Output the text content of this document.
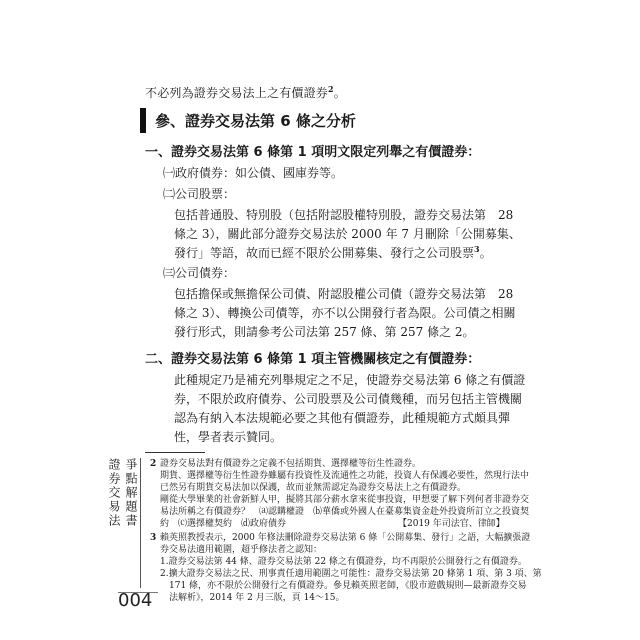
不必列為證券交易法上之有價證券$^2$。
參、證券交易法第 6 條之分析
一、證券交易法第 6 條第 1 項明文限定列舉之有價證券：
㈠政府債券：如公債、國庫券等。
㈡公司股票：
包括普通股、特別股（包括附認股權特別股，證券交易法第　28
條之 3），關此部分證券交易法於 2000 年 7 月刪除「公開募集、
發行」等語，故而已經不限於公開募集、發行之公司股票$^3$。
㈢公司債券：
包括擔保或無擔保公司債、附認股權公司債（證券交易法第　28
條之 3）、轉換公司債等，亦不以公開發行者為限。公司債之相關
發行形式，則請參考公司法第 257 條、第 257 條之 2。
二、證券交易法第 6 條第 1 項主管機關核定之有價證券：
此種規定乃是補充列舉規定之不足，使證券交易法第 6 條之有價證
券，不限於政府債券、公司股票及公司債幾種，而另包括主管機關
認為有納入本法規範必要之其他有價證券，此種規範方式頗具彈
性，學者表示贊同。
2 證券交易法對有價證券之定義不包括期貨、選擇權等衍生性證券。
期貨、選擇權等衍生性證券雖屬有投資性及流通性之功能，投資人有保護必要性，然現行法中
已然另有期貨交易法加以保護，故而並無需認定為證券交易法上之有價證券。
剛從大學畢業的社會新鮮人甲，擬將其部分薪水拿來從事投資，甲想要了解下列何者非證券交
易法所稱之有價證券？　⒜認購權證　⒝華僑或外國人在臺募集資金赴外投資所訂立之投資契
約　⒞選擇權契約　⒟政府債券	【2019 年司法官、律師】
3 賴英照教授表示，2000 年修法刪除證券交易法第 6 條「公開募集、發行」之語，大幅擴張證
券交易法適用範圍，超乎修法者之認知：
1.證券交易法第 44 條、證券交易法第 22 條之有價證券，均不再限於公開發行之有價證券。
2.擴大證券交易法之民、刑事責任適用範圍之可能性：證券交易法第 20 條第 1 項、第 3 項、第
　171 條，亦不限於公開發行之有價證券。參見賴英照老師，《股市遊戲規則—最新證券交易
　法解析》，2014 年 2 月三版，頁 14～15。
爭點解題書
證券交易法
004
